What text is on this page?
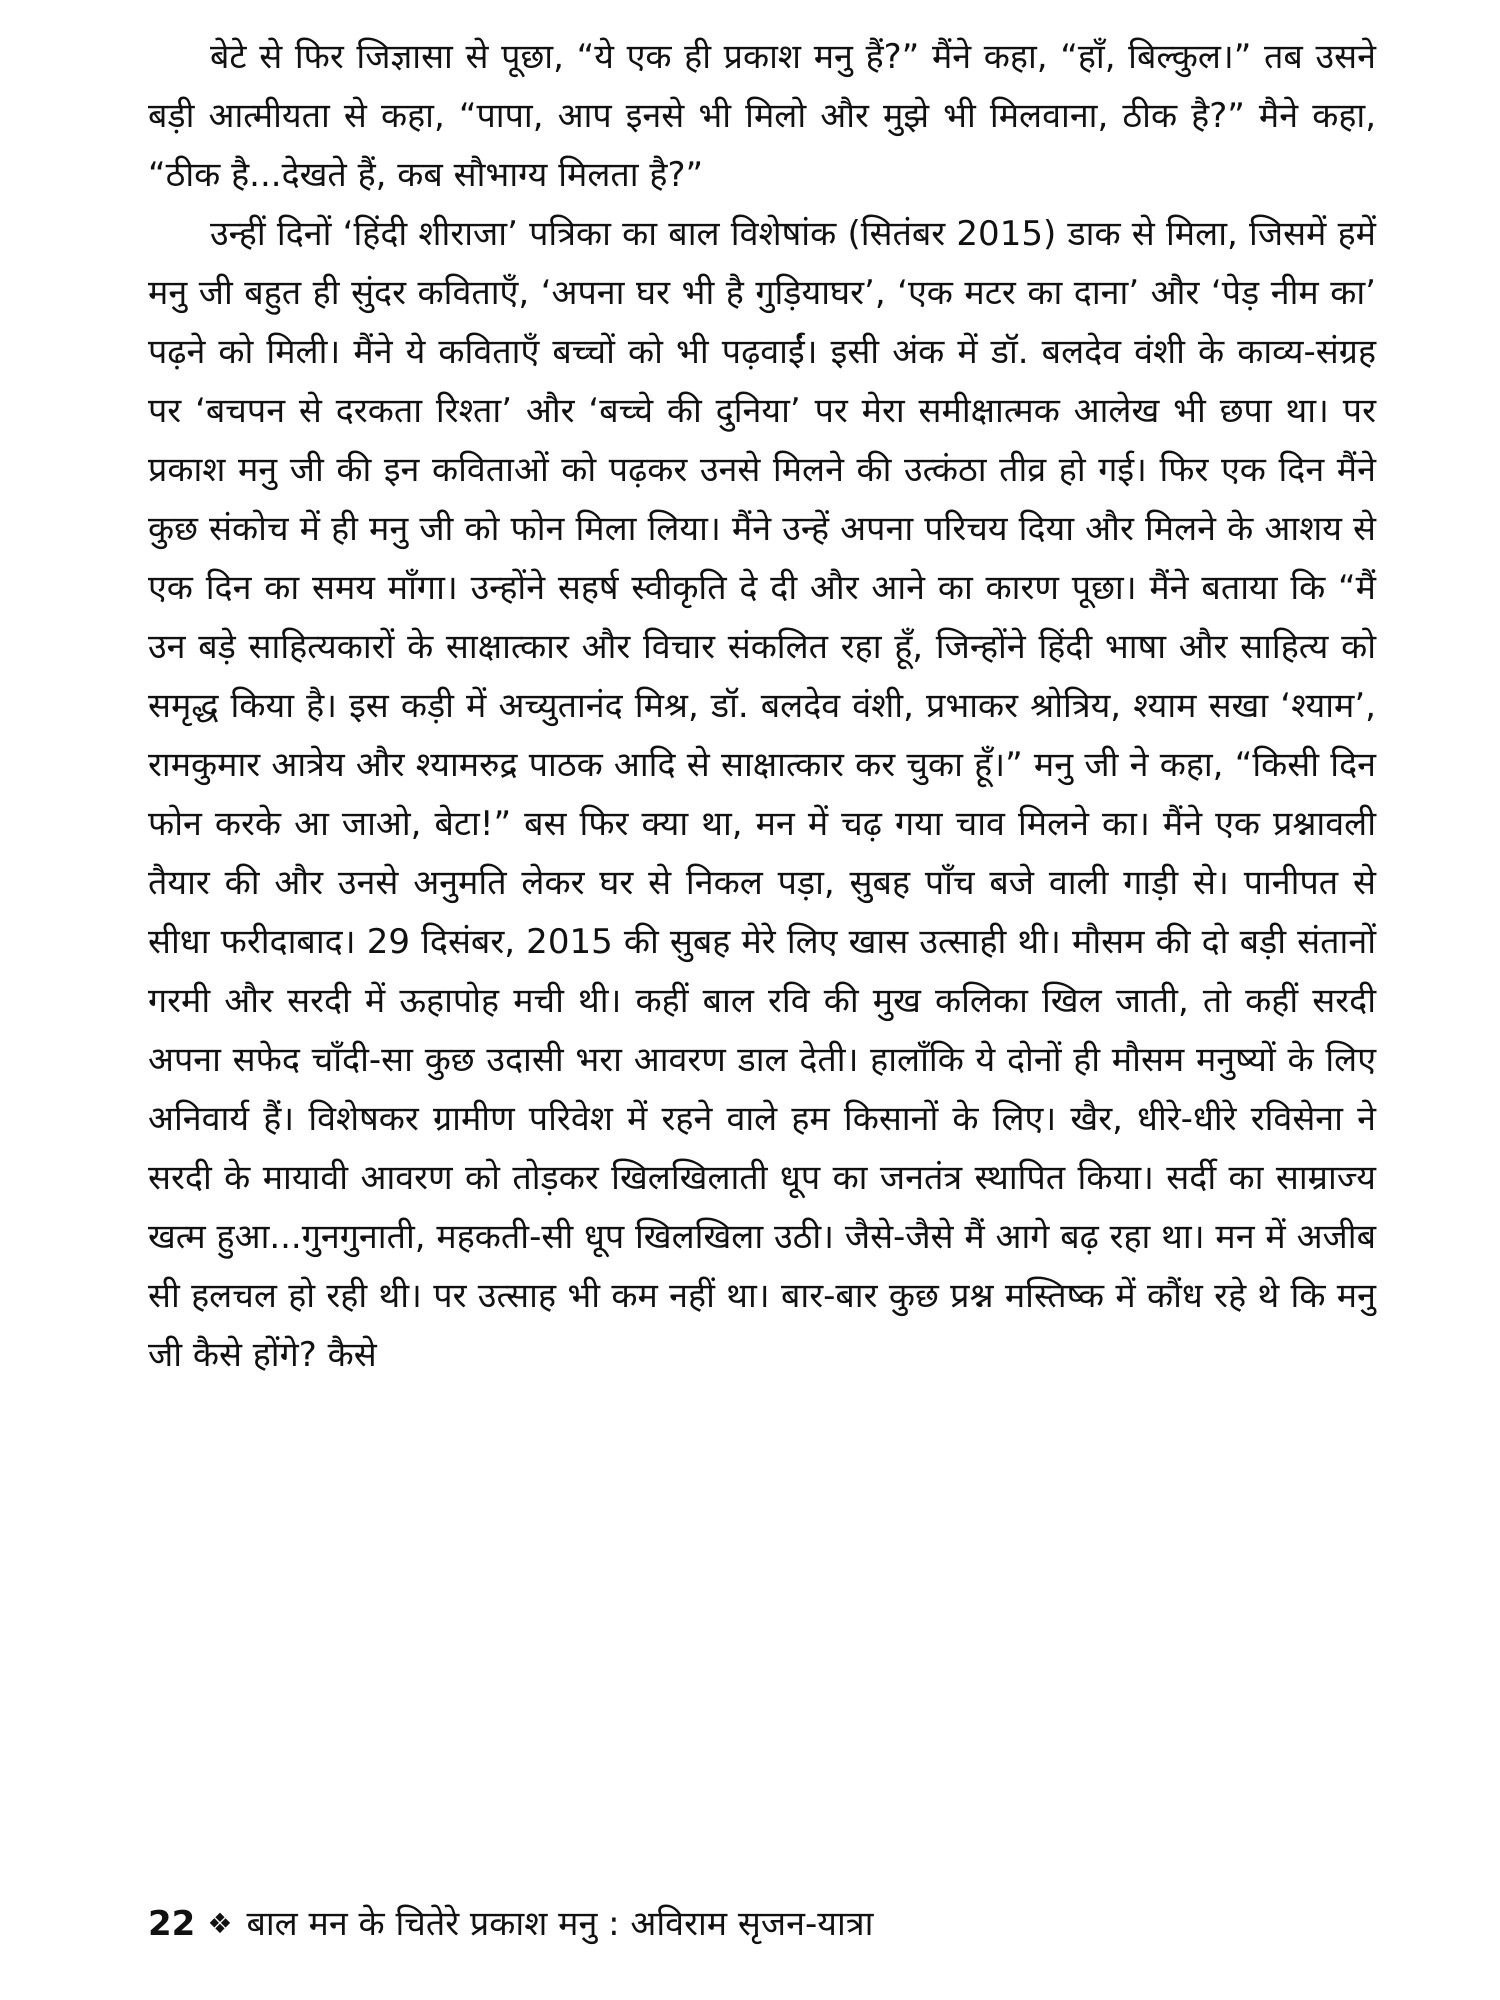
बेटे से फिर जिज्ञासा से पूछा, “ये एक ही प्रकाश मनु हैं?” मैंने कहा, “हाँ, बिल्कुल।” तब उसने बड़ी आत्मीयता से कहा, “पापा, आप इनसे भी मिलो और मुझे भी मिलवाना, ठीक है?” मैने कहा, “ठीक है...देखते हैं, कब सौभाग्य मिलता है?”

उन्हीं दिनों ‘हिंदी शीराजा’ पत्रिका का बाल विशेषांक (सितंबर 2015) डाक से मिला, जिसमें हमें मनु जी बहुत ही सुंदर कविताएँ, ‘अपना घर भी है गुड़ियाघर’, ‘एक मटर का दाना’ और ‘पेड़ नीम का’ पढ़ने को मिली। मैंने ये कविताएँ बच्चों को भी पढ़वाईं। इसी अंक में डॉ. बलदेव वंशी के काव्य-संग्रह पर ‘बचपन से दरकता रिश्ता’ और ‘बच्चे की दुनिया’ पर मेरा समीक्षात्मक आलेख भी छपा था। पर प्रकाश मनु जी की इन कविताओं को पढ़कर उनसे मिलने की उत्कंठा तीव्र हो गई। फिर एक दिन मैंने कुछ संकोच में ही मनु जी को फोन मिला लिया। मैंने उन्हें अपना परिचय दिया और मिलने के आशय से एक दिन का समय माँगा। उन्होंने सहर्ष स्वीकृति दे दी और आने का कारण पूछा। मैंने बताया कि “मैं उन बड़े साहित्यकारों के साक्षात्कार और विचार संकलित रहा हूँ, जिन्होंने हिंदी भाषा और साहित्य को समृद्ध किया है। इस कड़ी में अच्युतानंद मिश्र, डॉ. बलदेव वंशी, प्रभाकर श्रोत्रिय, श्याम सखा ‘श्याम’, रामकुमार आत्रेय और श्यामरुद्र पाठक आदि से साक्षात्कार कर चुका हूँ।” मनु जी ने कहा, “किसी दिन फोन करके आ जाओ, बेटा!” बस फिर क्या था, मन में चढ़ गया चाव मिलने का। मैंने एक प्रश्नावली तैयार की और उनसे अनुमति लेकर घर से निकल पड़ा, सुबह पाँच बजे वाली गाड़ी से। पानीपत से सीधा फरीदाबाद। 29 दिसंबर, 2015 की सुबह मेरे लिए खास उत्साही थी। मौसम की दो बड़ी संतानों गरमी और सरदी में ऊहापोह मची थी। कहीं बाल रवि की मुख कलिका खिल जाती, तो कहीं सरदी अपना सफेद चाँदी-सा कुछ उदासी भरा आवरण डाल देती। हालाँकि ये दोनों ही मौसम मनुष्यों के लिए अनिवार्य हैं। विशेषकर ग्रामीण परिवेश में रहने वाले हम किसानों के लिए। खैर, धीरे-धीरे रविसेना ने सरदी के मायावी आवरण को तोड़कर खिलखिलाती धूप का जनतंत्र स्थापित किया। सर्दी का साम्राज्य खत्म हुआ...गुनगुनाती, महकती-सी धूप खिलखिला उठी। जैसे-जैसे मैं आगे बढ़ रहा था। मन में अजीब सी हलचल हो रही थी। पर उत्साह भी कम नहीं था। बार-बार कुछ प्रश्न मस्तिष्क में कौंध रहे थे कि मनु जी कैसे होंगे? कैसे

22 ❖ बाल मन के चितेरे प्रकाश मनु : अविराम सृजन-यात्रा
